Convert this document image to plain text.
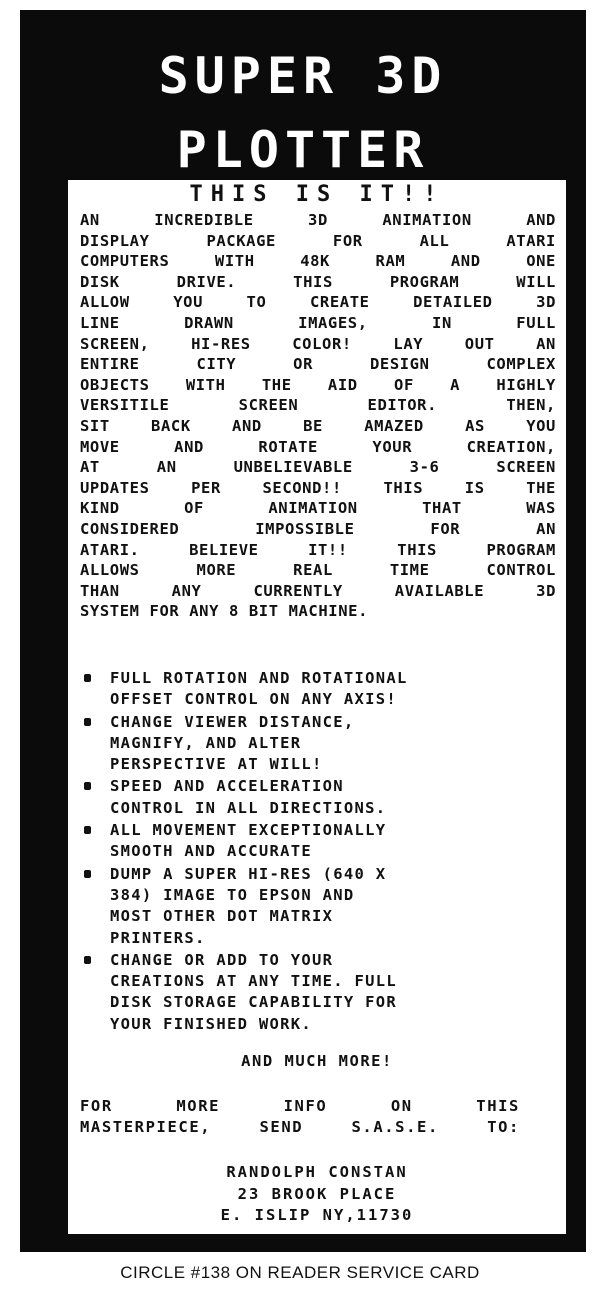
SUPER 3D
PLOTTER
THIS IS IT!!
AN INCREDIBLE 3D ANIMATION AND
DISPLAY PACKAGE FOR ALL ATARI
COMPUTERS WITH 48K RAM AND ONE
DISK DRIVE. THIS PROGRAM WILL
ALLOW YOU TO CREATE DETAILED 3D
LINE DRAWN IMAGES, IN FULL
SCREEN, HI-RES COLOR! LAY OUT AN
ENTIRE CITY OR DESIGN COMPLEX
OBJECTS WITH THE AID OF A HIGHLY
VERSITILE SCREEN EDITOR. THEN,
SIT BACK AND BE AMAZED AS YOU
MOVE AND ROTATE YOUR CREATION,
AT AN UNBELIEVABLE 3-6 SCREEN
UPDATES PER SECOND!! THIS IS THE
KIND OF ANIMATION THAT WAS
CONSIDERED IMPOSSIBLE FOR AN
ATARI. BELIEVE IT!! THIS PROGRAM
ALLOWS MORE REAL TIME CONTROL
THAN ANY CURRENTLY AVAILABLE 3D
SYSTEM FOR ANY 8 BIT MACHINE.
FULL ROTATION AND ROTATIONAL
OFFSET CONTROL ON ANY AXIS!
CHANGE VIEWER DISTANCE,
MAGNIFY, AND ALTER
PERSPECTIVE AT WILL!
SPEED AND ACCELERATION
CONTROL IN ALL DIRECTIONS.
ALL MOVEMENT EXCEPTIONALLY
SMOOTH AND ACCURATE
DUMP A SUPER HI-RES (640 X
384) IMAGE TO EPSON AND
MOST OTHER DOT MATRIX
PRINTERS.
CHANGE OR ADD TO YOUR
CREATIONS AT ANY TIME. FULL
DISK STORAGE CAPABILITY FOR
YOUR FINISHED WORK.
AND MUCH MORE!
FOR MORE INFO ON THIS
MASTERPIECE, SEND S.A.S.E. TO:
RANDOLPH CONSTAN
23 BROOK PLACE
E. ISLIP NY,11730
CIRCLE #138 ON READER SERVICE CARD
